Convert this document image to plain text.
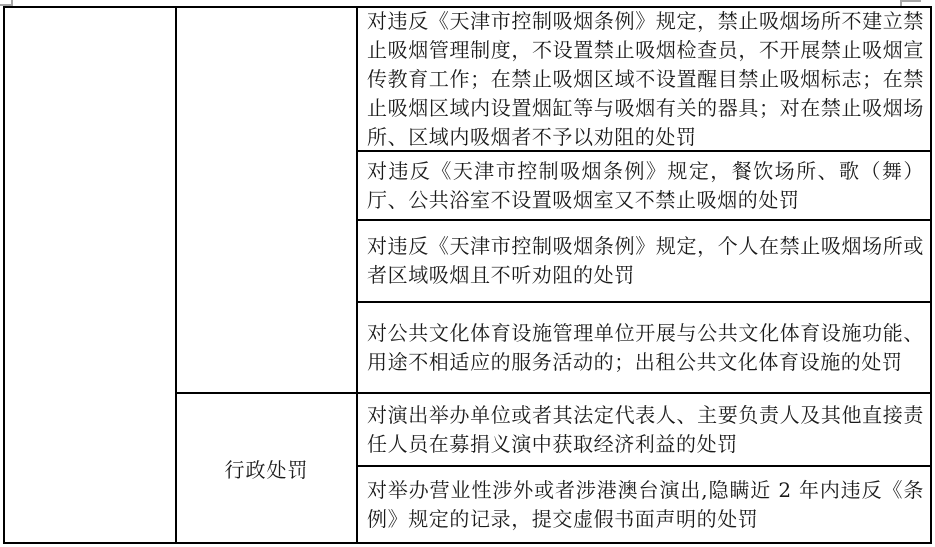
行政处罚

对违反《天津市控制吸烟条例》规定，禁止吸烟场所不建立禁止吸烟管理制度，不设置禁止吸烟检查员，不开展禁止吸烟宣传教育工作；在禁止吸烟区域不设置醒目禁止吸烟标志；在禁止吸烟区域内设置烟缸等与吸烟有关的器具；对在禁止吸烟场所、区域内吸烟者不予以劝阻的处罚

对违反《天津市控制吸烟条例》规定，餐饮场所、歌（舞）厅、公共浴室不设置吸烟室又不禁止吸烟的处罚

对违反《天津市控制吸烟条例》规定，个人在禁止吸烟场所或者区域吸烟且不听劝阻的处罚

对公共文化体育设施管理单位开展与公共文化体育设施功能、用途不相适应的服务活动的；出租公共文化体育设施的处罚

对演出举办单位或者其法定代表人、主要负责人及其他直接责任人员在募捐义演中获取经济利益的处罚

对举办营业性涉外或者涉港澳台演出,隐瞒近 2 年内违反《条例》规定的记录，提交虚假书面声明的处罚
